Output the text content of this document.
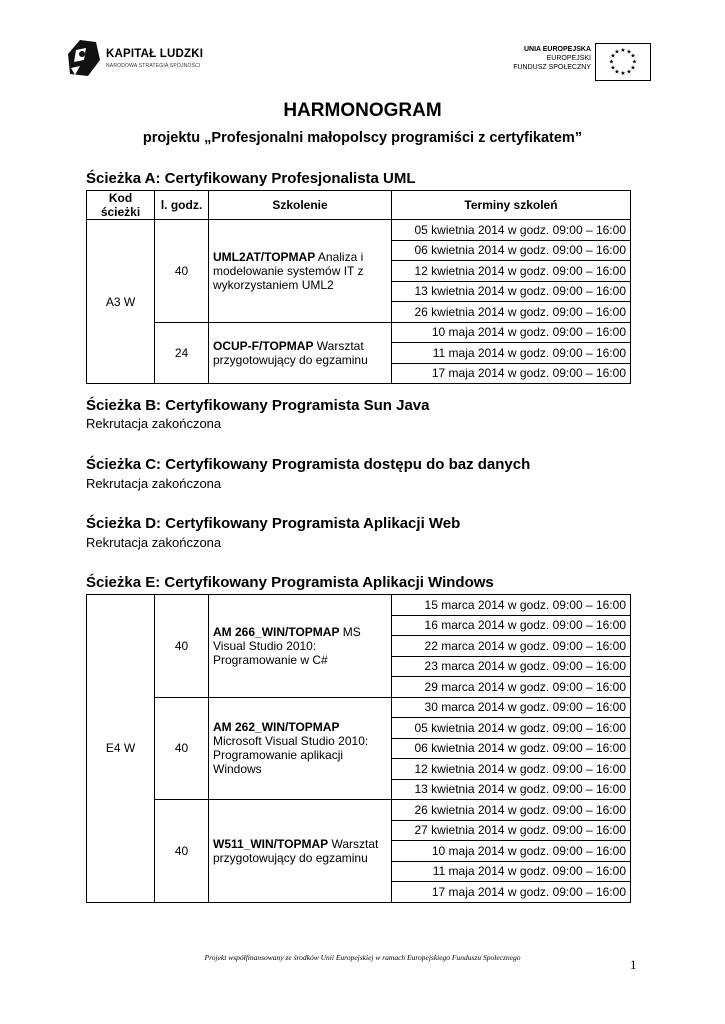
KAPITAŁ LUDZKI
NARODOWA STRATEGIA SPÓJNOŚCI
UNIA EUROPEJSKA
EUROPEJSKI
FUNDUSZ SPOŁECZNY
★ ★
★
★
★
★
★
★
★
★
★
★
HARMONOGRAM
projektu „Profesjonalni małopolscy programiści z certyfikatem”
Ścieżka A: Certyfikowany Profesjonalista UML
Kod ścieżki	l. godz.	Szkolenie	Terminy szkoleń
A3 W	40	UML2AT/TOPMAP Analiza i modelowanie systemów IT z wykorzystaniem UML2	05 kwietnia 2014 w godz. 09:00 – 16:00
			06 kwietnia 2014 w godz. 09:00 – 16:00
			12 kwietnia 2014 w godz. 09:00 – 16:00
			13 kwietnia 2014 w godz. 09:00 – 16:00
			26 kwietnia 2014 w godz. 09:00 – 16:00
	24	OCUP-F/TOPMAP Warsztat przygotowujący do egzaminu	10 maja 2014 w godz. 09:00 – 16:00
			11 maja 2014 w godz. 09:00 – 16:00
			17 maja 2014 w godz. 09:00 – 16:00
Ścieżka B: Certyfikowany Programista Sun Java
Rekrutacja zakończona
Ścieżka C: Certyfikowany Programista dostępu do baz danych
Rekrutacja zakończona
Ścieżka D: Certyfikowany Programista Aplikacji Web
Rekrutacja zakończona
Ścieżka E: Certyfikowany Programista Aplikacji Windows
E4 W	40	AM 266_WIN/TOPMAP MS Visual Studio 2010: Programowanie w C#	15 marca 2014 w godz. 09:00 – 16:00
			16 marca 2014 w godz. 09:00 – 16:00
			22 marca 2014 w godz. 09:00 – 16:00
			23 marca 2014 w godz. 09:00 – 16:00
			29 marca 2014 w godz. 09:00 – 16:00
	40	AM 262_WIN/TOPMAP Microsoft Visual Studio 2010: Programowanie aplikacji Windows	30 marca 2014 w godz. 09:00 – 16:00
			05 kwietnia 2014 w godz. 09:00 – 16:00
			06 kwietnia 2014 w godz. 09:00 – 16:00
			12 kwietnia 2014 w godz. 09:00 – 16:00
			13 kwietnia 2014 w godz. 09:00 – 16:00
	40	W511_WIN/TOPMAP Warsztat przygotowujący do egzaminu	26 kwietnia 2014 w godz. 09:00 – 16:00
			27 kwietnia 2014 w godz. 09:00 – 16:00
			10 maja 2014 w godz. 09:00 – 16:00
			11 maja 2014 w godz. 09:00 – 16:00
			17 maja 2014 w godz. 09:00 – 16:00
Projekt współfinansowany ze środków Unii Europejskiej w ramach Europejskiego Funduszu Społecznego	1
